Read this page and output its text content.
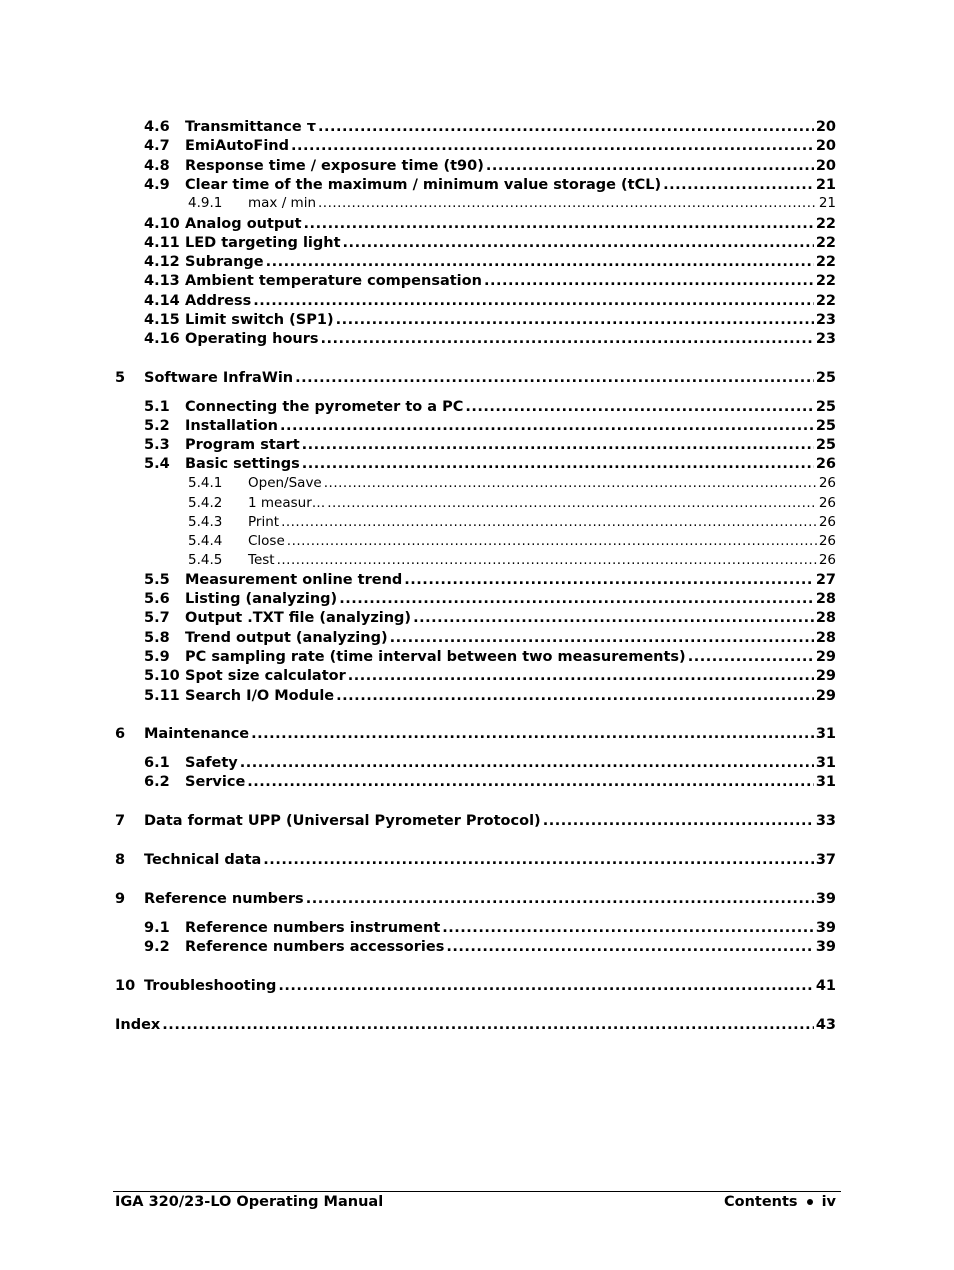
4.6 Transmittance τ .....	20
4.7 EmiAutoFind .....	20
4.8 Response time / exposure time (t90) .....	20
4.9 Clear time of the maximum / minimum value storage (tCL) .....	21
4.9.1 max / min .....	21
4.10 Analog output .....	22
4.11 LED targeting light .....	22
4.12 Subrange .....	22
4.13 Ambient temperature compensation .....	22
4.14 Address .....	22
4.15 Limit switch (SP1) .....	23
4.16 Operating hours .....	23
5 Software InfraWin .....	25
5.1 Connecting the pyrometer to a PC .....	25
5.2 Installation .....	25
5.3 Program start .....	25
5.4 Basic settings .....	26
5.4.1 Open/Save .....	26
5.4.2 1 measur… .....	26
5.4.3 Print .....	26
5.4.4 Close .....	26
5.4.5 Test .....	26
5.5 Measurement online trend .....	27
5.6 Listing (analyzing) .....	28
5.7 Output .TXT file (analyzing) .....	28
5.8 Trend output (analyzing) .....	28
5.9 PC sampling rate (time interval between two measurements) .....	29
5.10 Spot size calculator .....	29
5.11 Search I/O Module .....	29
6 Maintenance .....	31
6.1 Safety .....	31
6.2 Service .....	31
7 Data format UPP (Universal Pyrometer Protocol) .....	33
8 Technical data .....	37
9 Reference numbers .....	39
9.1 Reference numbers instrument .....	39
9.2 Reference numbers accessories .....	39
10 Troubleshooting .....	41
Index .....	43
IGA 320/23-LO Operating Manual	Contents iv
